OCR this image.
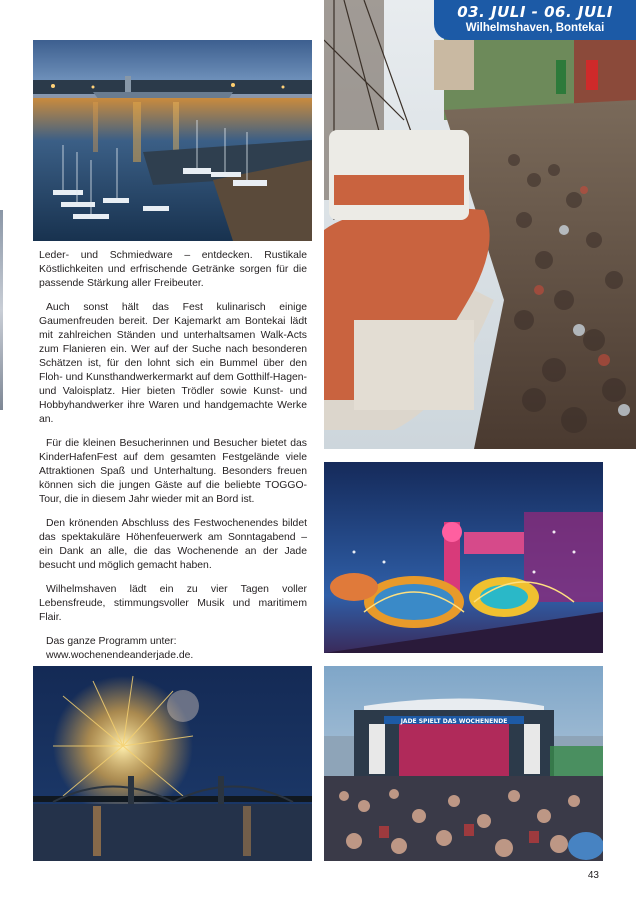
03. JULI - 06. JULI
Wilhelmshaven, Bontekai

Leder- und Schmiedware – entdecken. Rustikale Köstlichkeiten und erfrischende Getränke sorgen für die passende Stärkung aller Freibeuter.

Auch sonst hält das Fest kulinarisch einige Gaumenfreuden bereit. Der Kajemarkt am Bontekai lädt mit zahlreichen Ständen und unterhaltsamen Walk-Acts zum Flanieren ein. Wer auf der Suche nach besonderen Schätzen ist, für den lohnt sich ein Bummel über den Floh- und Kunsthandwerkermarkt auf dem Gotthilf-Hagen- und Valoisplatz. Hier bieten Trödler sowie Kunst- und Hobbyhandwerker ihre Waren und handgemachte Werke an.

Für die kleinen Besucherinnen und Besucher bietet das KinderHafenFest auf dem gesamten Festgelände viele Attraktionen Spaß und Unterhaltung. Besonders freuen können sich die jungen Gäste auf die beliebte TOGGO-Tour, die in diesem Jahr wieder mit an Bord ist.

Den krönenden Abschluss des Festwochenendes bildet das spektakuläre Höhenfeuerwerk am Sonntagabend – ein Dank an alle, die das Wochenende an der Jade besucht und möglich gemacht haben.

Wilhelmshaven lädt ein zu vier Tagen voller Lebensfreude, stimmungsvoller Musik und maritimem Flair.

Das ganze Programm unter:

www.wochenendeanderjade.de.

JADE SPIELT DAS WOCHENENDE
43
